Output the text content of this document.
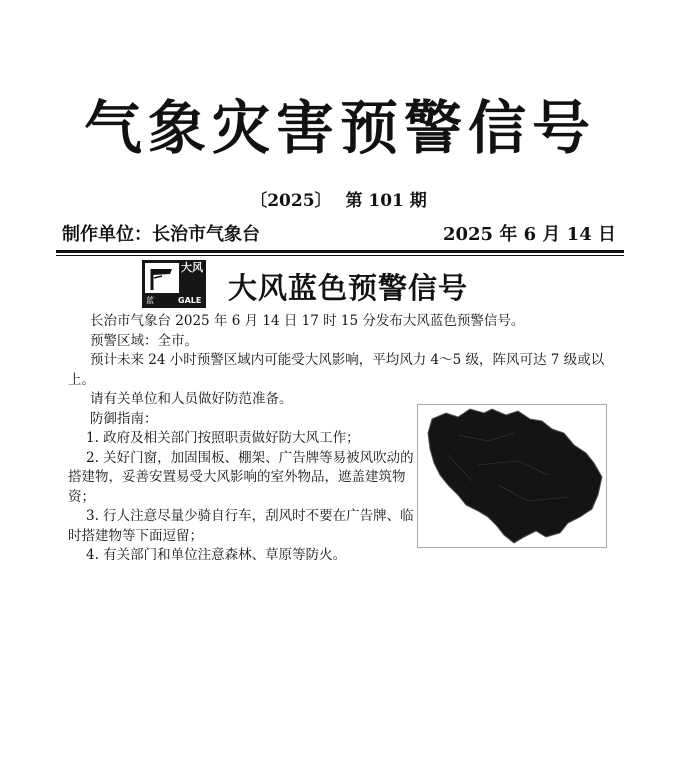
气象灾害预警信号
〔2025〕 第 101 期
制作单位：长治市气象台	2025 年 6 月 14 日
大风
蓝	GALE 大风蓝色预警信号

长治市气象台 2025 年 6 月 14 日 17 时 15 分发布大风蓝色预警信号。

预警区域：全市。

预计未来 24 小时预警区域内可能受大风影响，平均风力 4～5 级，阵风可达 7 级或以上。

请有关单位和人员做好防范准备。

防御指南：

1. 政府及相关部门按照职责做好防大风工作；

2. 关好门窗，加固围板、棚架、广告牌等易被风吹动的搭建物，妥善安置易受大风影响的室外物品，遮盖建筑物资；

3. 行人注意尽量少骑自行车，刮风时不要在广告牌、临时搭建物等下面逗留；

4. 有关部门和单位注意森林、草原等防火。
